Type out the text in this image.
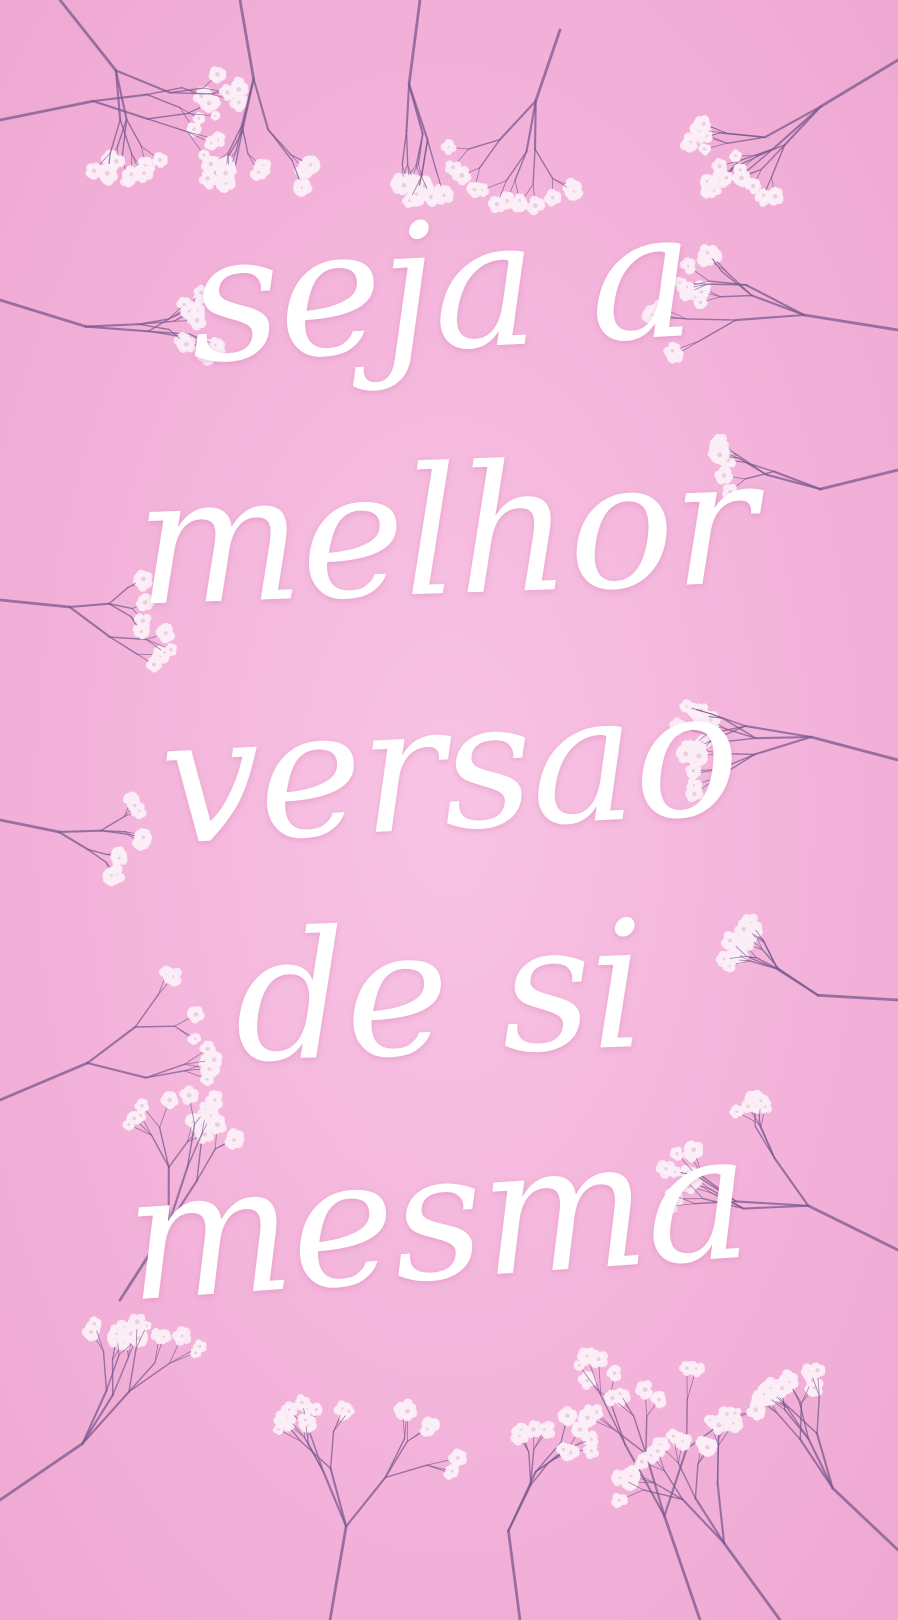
seja a
melhor
versao
de si
mesma
